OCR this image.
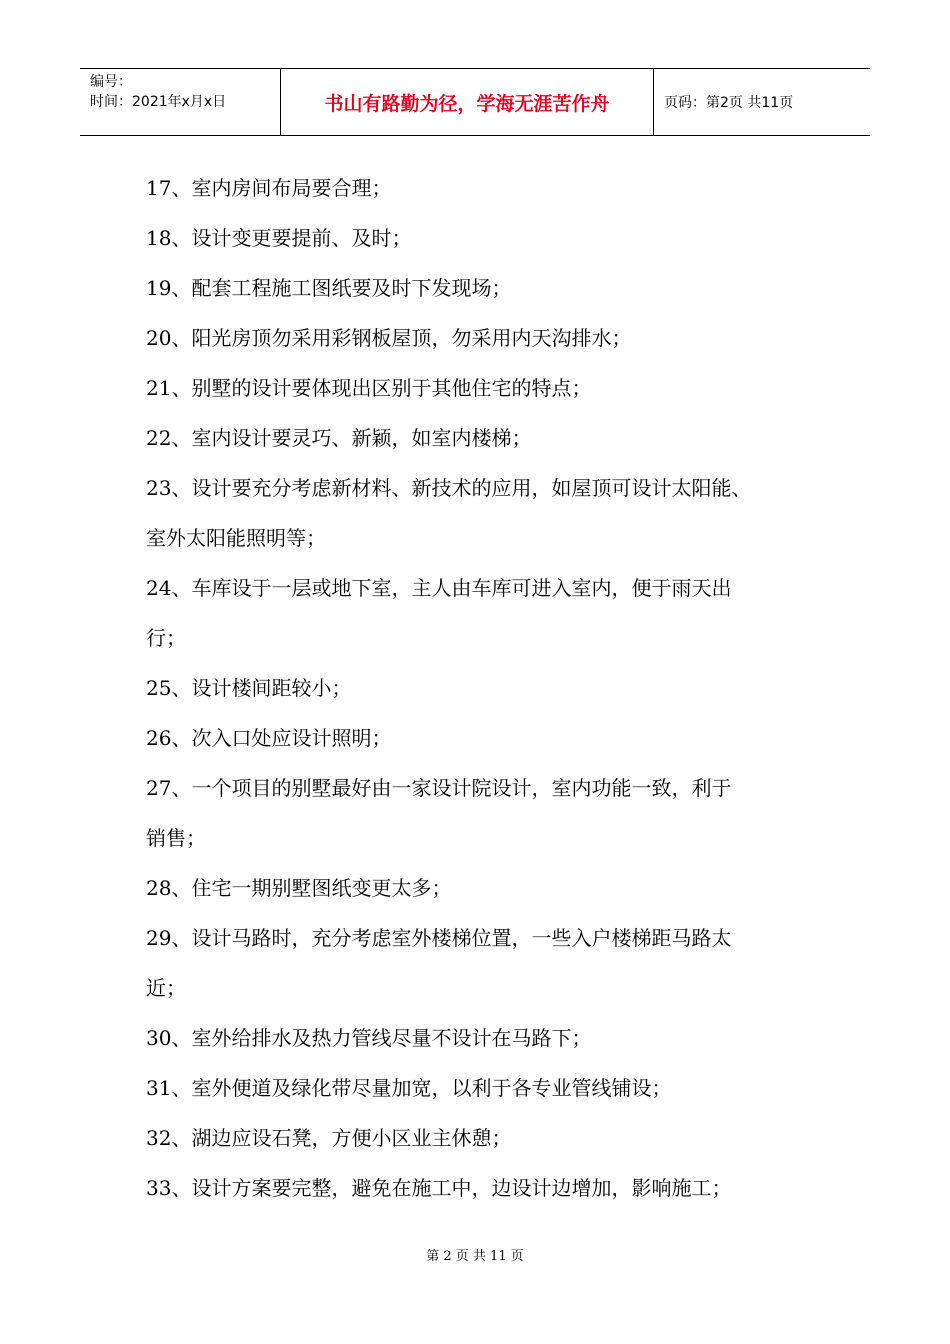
编号：
时间：2021年x月x日	书山有路勤为径，学海无涯苦作舟	页码：第2页 共11页
17、室内房间布局要合理；
18、设计变更要提前、及时；
19、配套工程施工图纸要及时下发现场；
20、阳光房顶勿采用彩钢板屋顶，勿采用内天沟排水；
21、别墅的设计要体现出区别于其他住宅的特点；
22、室内设计要灵巧、新颖，如室内楼梯；
23、设计要充分考虑新材料、新技术的应用，如屋顶可设计太阳能、
室外太阳能照明等；
24、车库设于一层或地下室，主人由车库可进入室内，便于雨天出
行；
25、设计楼间距较小；
26、次入口处应设计照明；
27、一个项目的别墅最好由一家设计院设计，室内功能一致，利于
销售；
28、住宅一期别墅图纸变更太多；
29、设计马路时，充分考虑室外楼梯位置，一些入户楼梯距马路太
近；
30、室外给排水及热力管线尽量不设计在马路下；
31、室外便道及绿化带尽量加宽，以利于各专业管线铺设；
32、湖边应设石凳，方便小区业主休憩；
33、设计方案要完整，避免在施工中，边设计边增加，影响施工；
第 2 页 共 11 页
